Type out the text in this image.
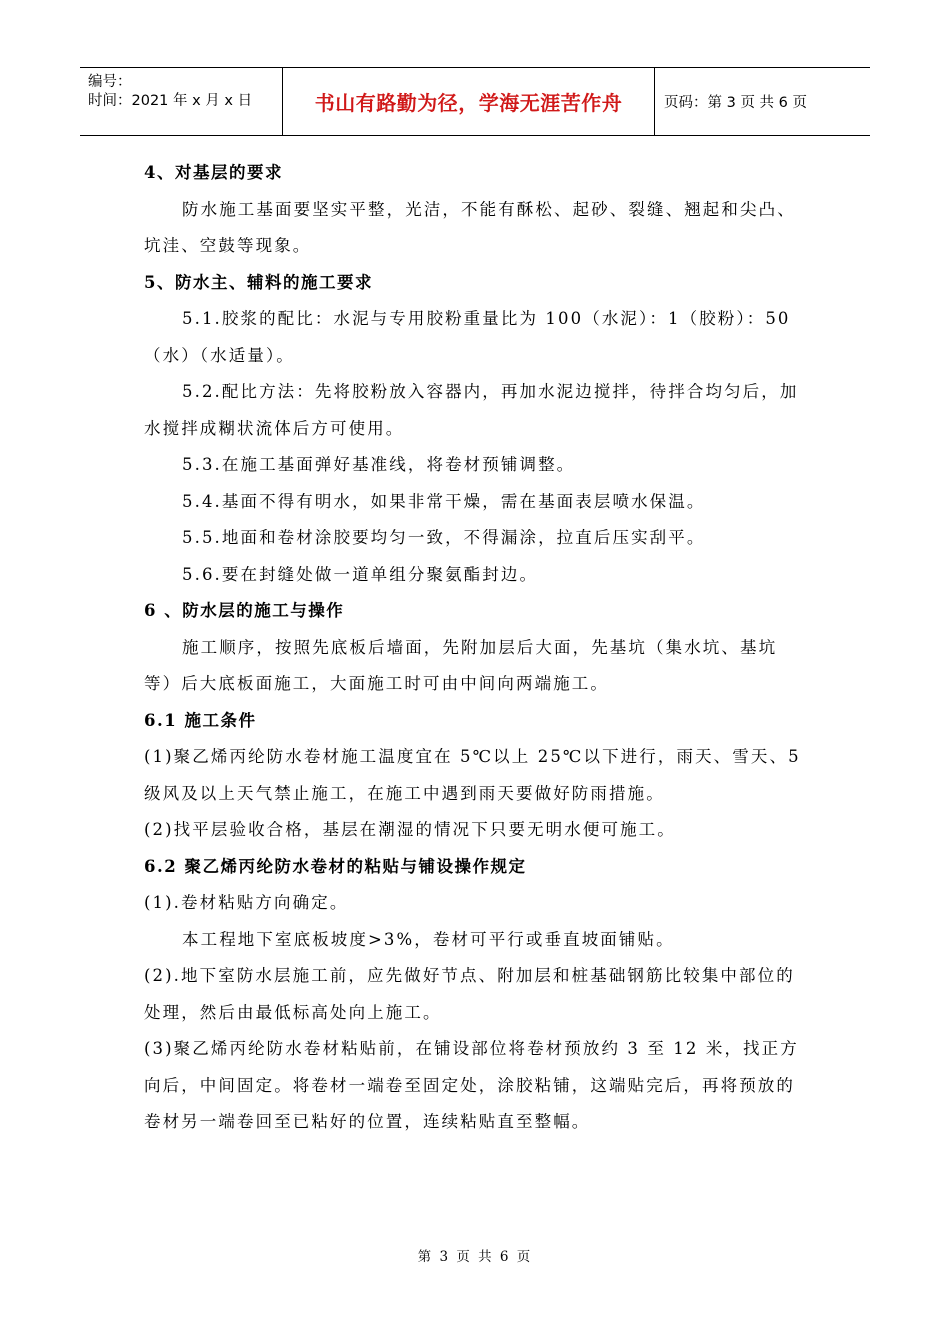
编号：
时间：2021 年 x 月 x 日	书山有路勤为径，学海无涯苦作舟	页码：第 3 页 共 6 页

4、对基层的要求

防水施工基面要坚实平整，光洁，不能有酥松、起砂、裂缝、翘起和尖凸、坑洼、空鼓等现象。

5、防水主、辅料的施工要求

5.1.胶浆的配比：水泥与专用胶粉重量比为 100（水泥）：1（胶粉）：50（水）（水适量）。

5.2.配比方法：先将胶粉放入容器内，再加水泥边搅拌，待拌合均匀后，加水搅拌成糊状流体后方可使用。

5.3.在施工基面弹好基准线，将卷材预铺调整。

5.4.基面不得有明水，如果非常干燥，需在基面表层喷水保温。

5.5.地面和卷材涂胶要均匀一致，不得漏涂，拉直后压实刮平。

5.6.要在封缝处做一道单组分聚氨酯封边。

6 、防水层的施工与操作

施工顺序，按照先底板后墙面，先附加层后大面，先基坑（集水坑、基坑等）后大底板面施工，大面施工时可由中间向两端施工。

6.1 施工条件

(1)聚乙烯丙纶防水卷材施工温度宜在 5℃以上 25℃以下进行，雨天、雪天、5级风及以上天气禁止施工，在施工中遇到雨天要做好防雨措施。

(2)找平层验收合格，基层在潮湿的情况下只要无明水便可施工。

6.2 聚乙烯丙纶防水卷材的粘贴与铺设操作规定

(1).卷材粘贴方向确定。

本工程地下室底板坡度>3%，卷材可平行或垂直坡面铺贴。

(2).地下室防水层施工前，应先做好节点、附加层和桩基础钢筋比较集中部位的处理，然后由最低标高处向上施工。

(3)聚乙烯丙纶防水卷材粘贴前，在铺设部位将卷材预放约 3 至 12 米，找正方向后，中间固定。将卷材一端卷至固定处，涂胶粘铺，这端贴完后，再将预放的卷材另一端卷回至已粘好的位置，连续粘贴直至整幅。

第 3 页 共 6 页
